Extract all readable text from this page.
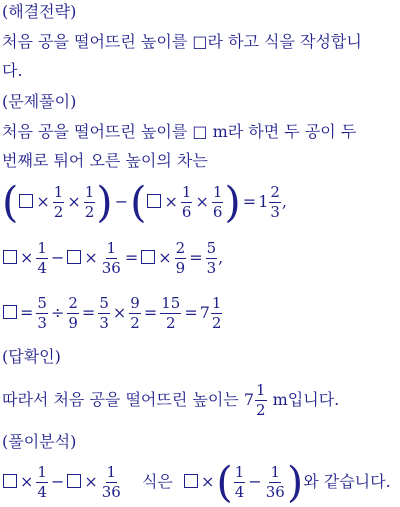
(해결전략)
처음 공을 떨어뜨린 높이를 □라 하고 식을 작성합니
다.
(문제풀이)
처음 공을 떨어뜨린 높이를 □ m라 하면 두 공이 두
번째로 튀어 오른 높이의 차는
( × $\frac{1}{2} \times \frac{1}{2}$ ) −( × $\frac{1}{6} \times \frac{1}{6}$ ) = $1 \frac{2}{3}$ ,
× $\frac{1}{4}$ − × $\frac{1}{36}$ = × $\frac{2}{9} = \frac{5}{3}$ ,
= $\frac{5}{3} \div \frac{2}{9} = \frac{5}{3} \times \frac{9}{2} = \frac{15}{2} = 7 \frac{1}{2}$
(답확인)
따라서 처음 공을 떨어뜨린 높이는 $7 \frac{1}{2}$ m입니다.
(풀이분석)
× $\frac{1}{4}$ − × $\frac{1}{36}$ 식은 ×( $\frac{1}{4} - \frac{1}{36}$ )와 같습니다.
